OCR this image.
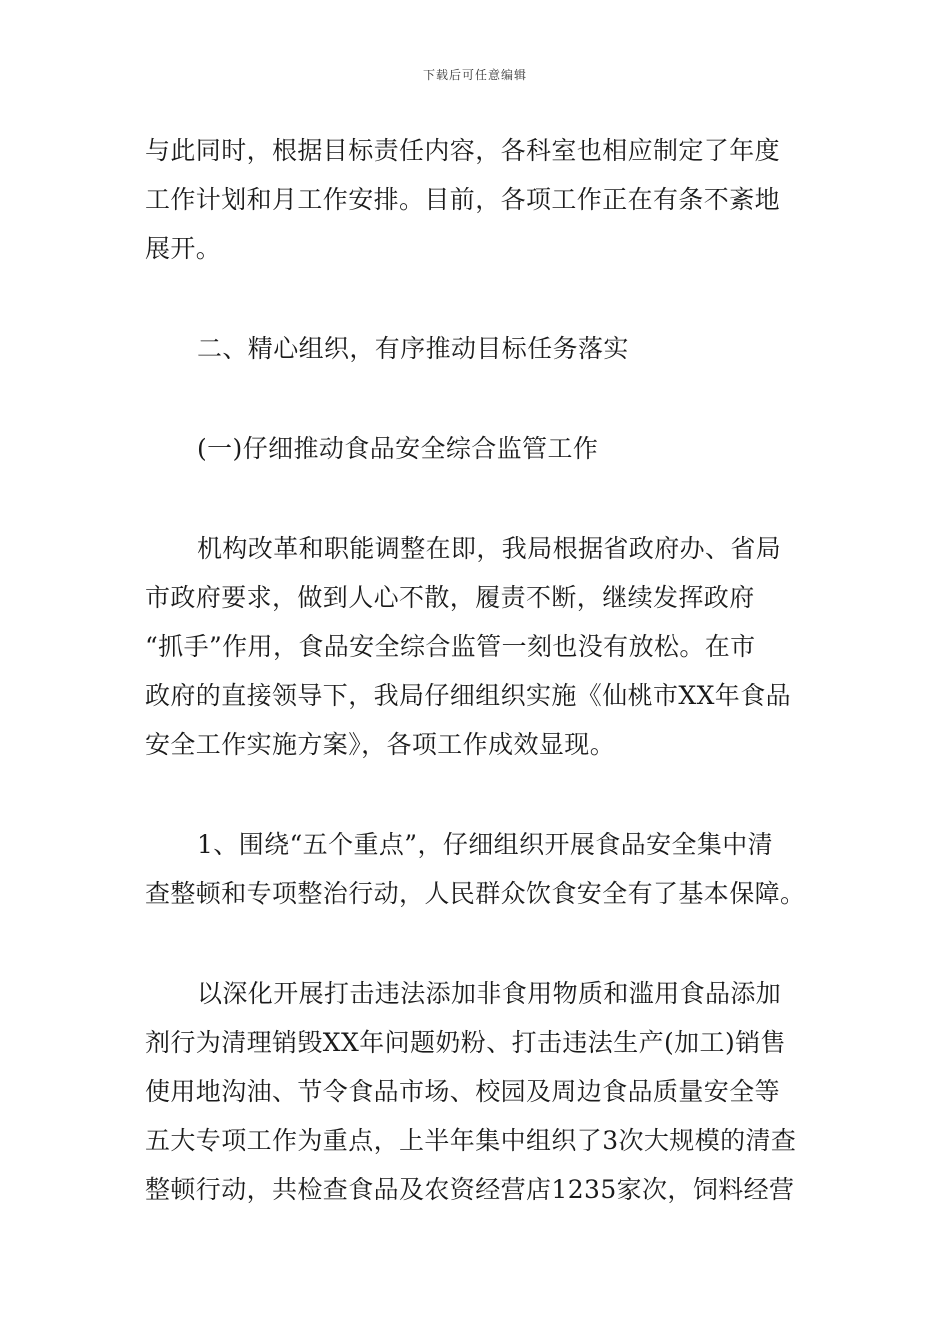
下载后可任意编辑
与此同时，根据目标责任内容，各科室也相应制定了年度
工作计划和月工作安排。目前，各项工作正在有条不紊地
展开。
二、精心组织，有序推动目标任务落实
(一)仔细推动食品安全综合监管工作
机构改革和职能调整在即，我局根据省政府办、省局
市政府要求，做到人心不散，履责不断，继续发挥政府
“抓手”作用，食品安全综合监管一刻也没有放松。在市
政府的直接领导下，我局仔细组织实施《仙桃市XX年食品
安全工作实施方案》，各项工作成效显现。
1、围绕“五个重点”，仔细组织开展食品安全集中清
查整顿和专项整治行动，人民群众饮食安全有了基本保障。
以深化开展打击违法添加非食用物质和滥用食品添加
剂行为清理销毁XX年问题奶粉、打击违法生产(加工)销售
使用地沟油、节令食品市场、校园及周边食品质量安全等
五大专项工作为重点，上半年集中组织了3次大规模的清查
整顿行动，共检查食品及农资经营店1235家次，饲料经营
